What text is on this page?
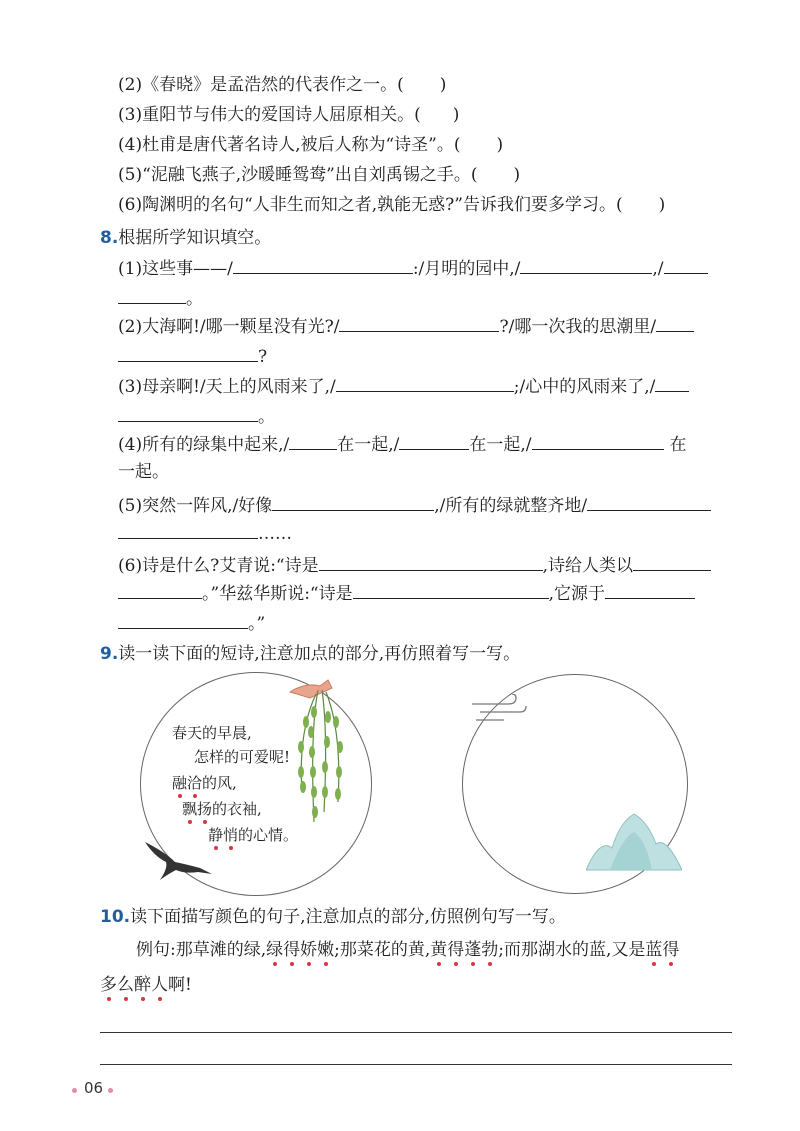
(2)《春晓》是孟浩然的代表作之一。( )
(3)重阳节与伟大的爱国诗人屈原相关。( )
(4)杜甫是唐代著名诗人,被后人称为“诗圣”。( )
(5)“泥融飞燕子,沙暖睡鸳鸯”出自刘禹锡之手。( )
(6)陶渊明的名句“人非生而知之者,孰能无惑?”告诉我们要多学习。( )
8.根据所学知识填空。
(1)这些事——/	:/月明的园中,/	,/
。
(2)大海啊!/哪一颗星没有光?/	?/哪一次我的思潮里/
?
(3)母亲啊!/天上的风雨来了,/	;/心中的风雨来了,/
。
(4)所有的绿集中起来,/	在一起,/	在一起,/	在
一起。
(5)突然一阵风,/好像	,/所有的绿就整齐地/
……
(6)诗是什么?艾青说:“诗是	,诗给人类以
。”华兹华斯说:“诗是	,它源于
。”
9.读一读下面的短诗,注意加点的部分,再仿照着写一写。
春天的早晨,
怎样的可爱呢!
融洽的风,
飘扬的衣袖,
静悄的心情。
10.读下面描写颜色的句子,注意加点的部分,仿照例句写一写。
例句:那草滩的绿,绿得娇嫩;那菜花的黄,黄得蓬勃;而那湖水的蓝,又是蓝得
多么醉人啊!
06
